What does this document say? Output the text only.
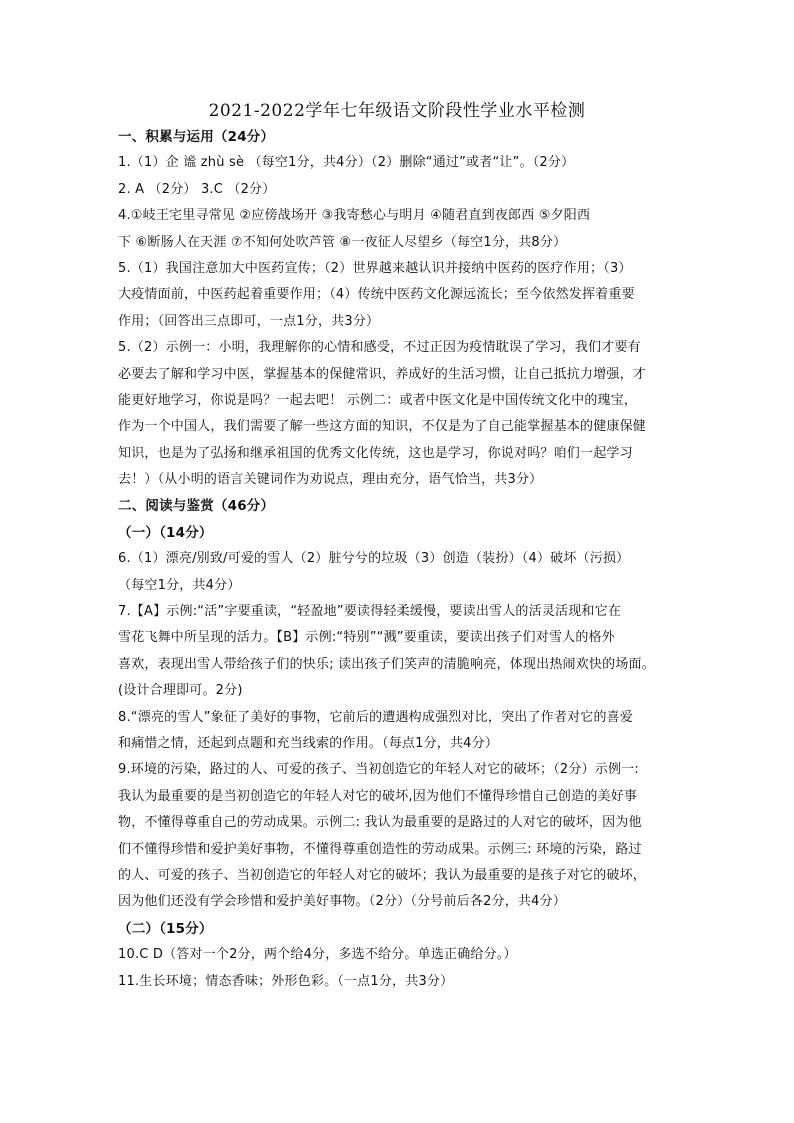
2021-2022学年七年级语文阶段性学业水平检测
一、积累与运用（24分）
1.（1）企 谧 zhù sè （每空1分，共4分）（2）删除“通过”或者“让”。（2分）
2. A （2分） 3.C （2分）
4.①岐王宅里寻常见 ②应傍战场开 ③我寄愁心与明月 ④随君直到夜郎西 ⑤夕阳西
下 ⑥断肠人在天涯 ⑦不知何处吹芦管 ⑧一夜征人尽望乡（每空1分，共8分）
5.（1）我国注意加大中医药宣传；（2）世界越来越认识并接纳中医药的医疗作用；（3）
大疫情面前，中医药起着重要作用；（4）传统中医药文化源远流长；至今依然发挥着重要
作用；（回答出三点即可，一点1分，共3分）
5.（2）示例一：小明，我理解你的心情和感受，不过正因为疫情耽误了学习，我们才要有
必要去了解和学习中医，掌握基本的保健常识，养成好的生活习惯，让自己抵抗力增强，才
能更好地学习，你说是吗？一起去吧！ 示例二：或者中医文化是中国传统文化中的瑰宝，
作为一个中国人，我们需要了解一些这方面的知识，不仅是为了自己能掌握基本的健康保健
知识，也是为了弘扬和继承祖国的优秀文化传统，这也是学习，你说对吗？咱们一起学习
去！）（从小明的语言关键词作为劝说点，理由充分，语气恰当，共3分）
二、阅读与鉴赏（46分）
（一）（14分）
6.（1）漂亮/别致/可爱的雪人（2）脏兮兮的垃圾（3）创造（装扮）（4）破坏（污损）
（每空1分，共4分）
7.【A】示例:“活”字要重读，“轻盈地”要读得轻柔缓慢，要读出雪人的活灵活现和它在
雪花飞舞中所呈现的活力。【B】示例:“特别”“溅”要重读，要读出孩子们对雪人的格外
喜欢，表现出雪人带给孩子们的快乐; 读出孩子们笑声的清脆响亮，体现出热闹欢快的场面。
(设计合理即可。2分)
8.“漂亮的雪人”象征了美好的事物，它前后的遭遇构成强烈对比，突出了作者对它的喜爱
和痛惜之情，还起到点题和充当线索的作用。（每点1分，共4分）
9.环境的污染，路过的人、可爱的孩子、当初创造它的年轻人对它的破坏；（2分）示例一:
我认为最重要的是当初创造它的年轻人对它的破坏,因为他们不懂得珍惜自己创造的美好事
物，不懂得尊重自己的劳动成果。示例二: 我认为最重要的是路过的人对它的破坏，因为他
们不懂得珍惜和爱护美好事物，不懂得尊重创造性的劳动成果。示例三: 环境的污染，路过
的人、可爱的孩子、当初创造它的年轻人对它的破坏；我认为最重要的是孩子对它的破坏，
因为他们还没有学会珍惜和爱护美好事物。（2分）（分号前后各2分，共4分）
（二）（15分）
10.C D（答对一个2分，两个给4分，多选不给分。单选正确给分。）
11.生长环境；情态香味；外形色彩。（一点1分，共3分）
